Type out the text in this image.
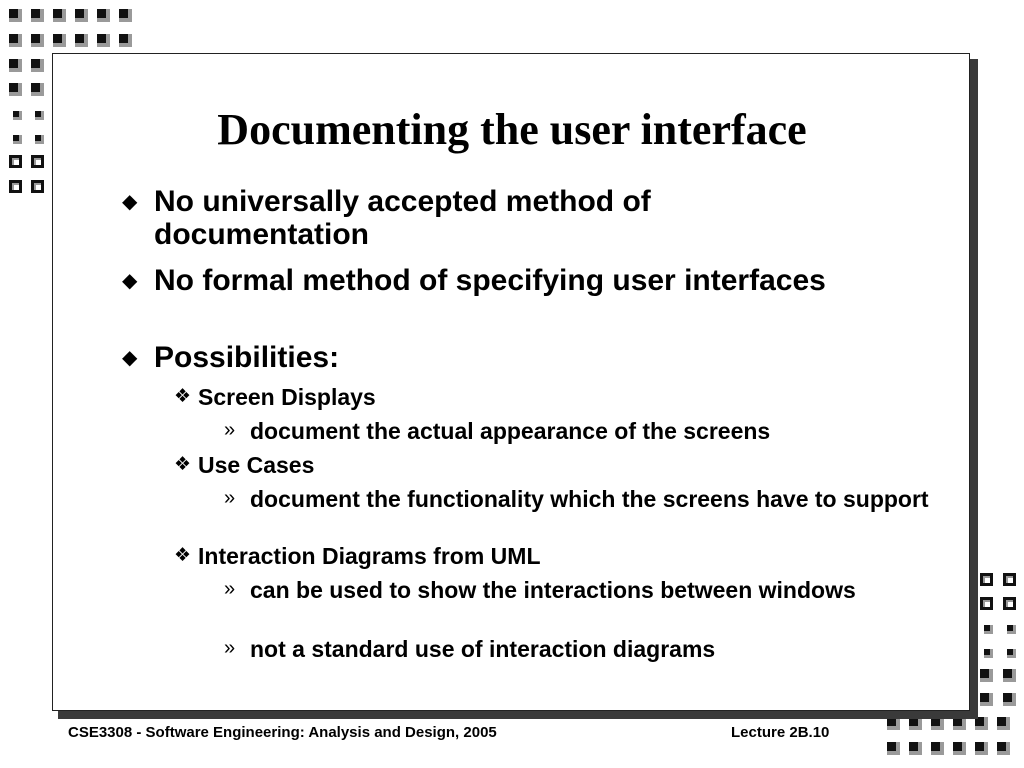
Documenting the user interface
◆ No universally accepted method of documentation
◆ No formal method of specifying user interfaces
◆ Possibilities:
❖ Screen Displays
» document the actual appearance of the screens
❖ Use Cases
» document the functionality which the screens have to support
❖ Interaction Diagrams from UML
» can be used to show the interactions between windows
» not a standard use of interaction diagrams
CSE3308 - Software Engineering: Analysis and Design, 2005	Lecture 2B.10
